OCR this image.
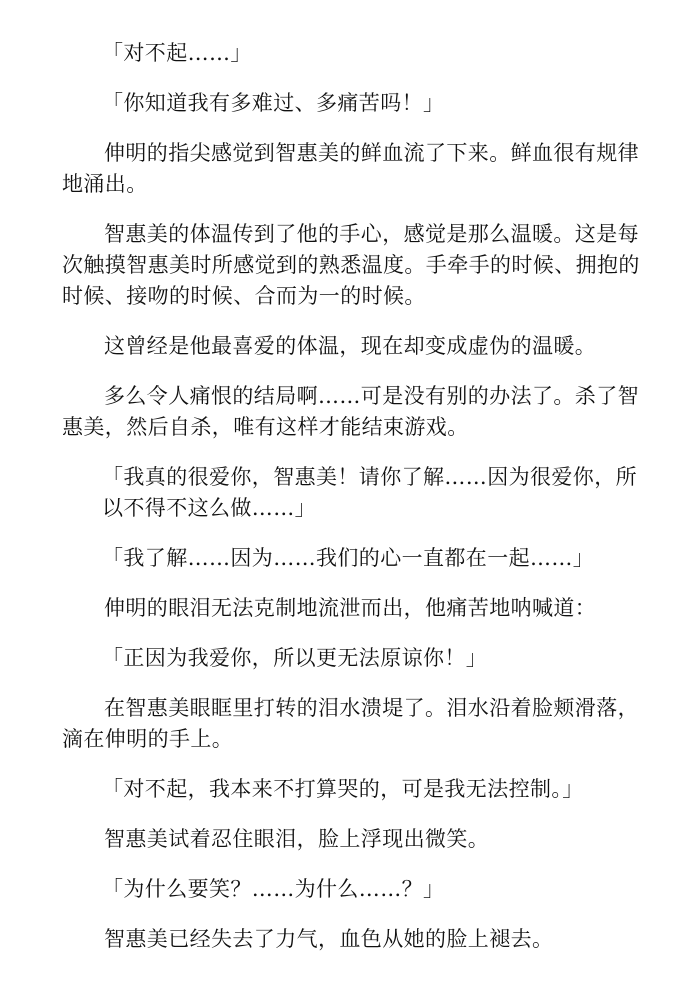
「对不起……」

「你知道我有多难过、多痛苦吗！」

伸明的指尖感觉到智惠美的鲜血流了下来。鲜血很有规律地涌出。

智惠美的体温传到了他的手心，感觉是那么温暖。这是每次触摸智惠美时所感觉到的熟悉温度。手牵手的时候、拥抱的时候、接吻的时候、合而为一的时候。

这曾经是他最喜爱的体温，现在却变成虚伪的温暖。

多么令人痛恨的结局啊……可是没有别的办法了。杀了智惠美，然后自杀，唯有这样才能结束游戏。

「我真的很爱你，智惠美！请你了解……因为很爱你，所以不得不这么做……」

「我了解……因为……我们的心一直都在一起……」

伸明的眼泪无法克制地流泄而出，他痛苦地呐喊道：

「正因为我爱你，所以更无法原谅你！」

在智惠美眼眶里打转的泪水溃堤了。泪水沿着脸颊滑落，滴在伸明的手上。

「对不起，我本来不打算哭的，可是我无法控制。」

智惠美试着忍住眼泪，脸上浮现出微笑。

「为什么要笑？……为什么……？」

智惠美已经失去了力气，血色从她的脸上褪去。
